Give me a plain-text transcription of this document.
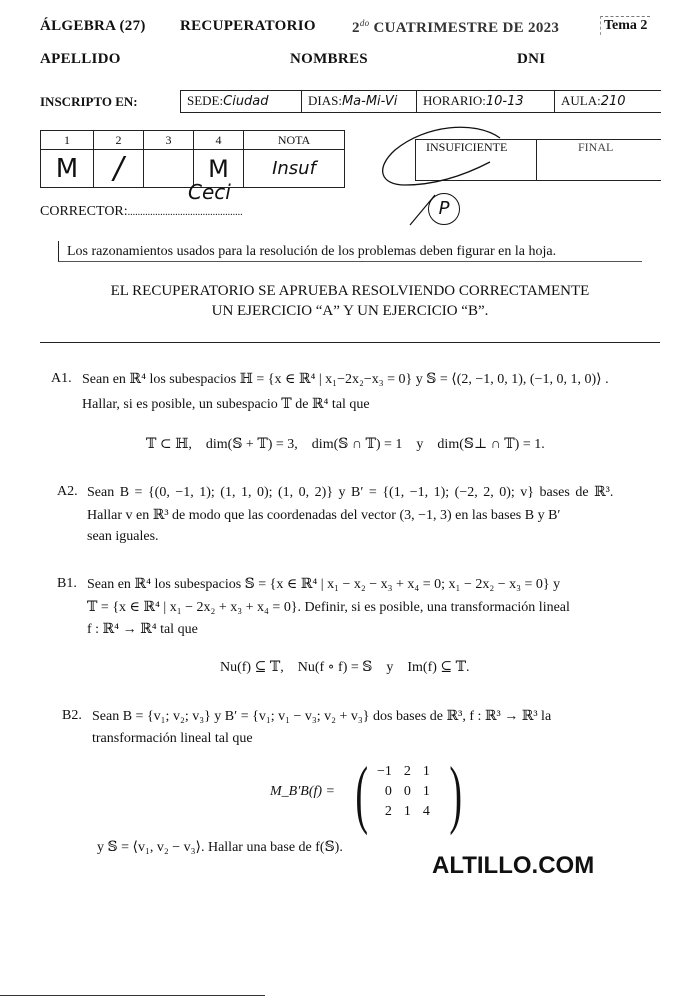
ÁLGEBRA (27) RECUPERATORIO $2^{do}$ CUATRIMESTRE DE 2023	Tema 2
APELLIDO	NOMBRES	DNI
INSCRIPTO EN:	SEDE:Ciudad	DIAS:Ma-Mi-Vi	HORARIO:10-13	AULA:210
1	2	3	4	NOTA
M	/		M	Insuf
INSUFICIENTE	FINAL
P
CORRECTOR:..............................................
Ceci
Los razonamientos usados para la resolución de los problemas deben figurar en la hoja.
EL RECUPERATORIO SE APRUEBA RESOLVIENDO CORRECTAMENTE
UN EJERCICIO “A” Y UN EJERCICIO “B”.
A1. Sean en ℝ⁴ los subespacios ℍ = {x ∈ ℝ⁴ | x₁−2x₂−x₃ = 0} y 𝕊 = ⟨(2, −1, 0, 1), (−1, 0, 1, 0)⟩ .
Hallar, si es posible, un subespacio 𝕋 de ℝ⁴ tal que
𝕋 ⊂ ℍ,    dim(𝕊 + 𝕋) = 3,    dim(𝕊 ∩ 𝕋) = 1    y    dim(𝕊⊥ ∩ 𝕋) = 1.
A2. Sean B = {(0, −1, 1); (1, 1, 0); (1, 0, 2)} y B′ = {(1, −1, 1); (−2, 2, 0); v} bases de ℝ³.
Hallar v en ℝ³ de modo que las coordenadas del vector (3, −1, 3) en las bases B y B′
sean iguales.
B1. Sean en ℝ⁴ los subespacios 𝕊 = {x ∈ ℝ⁴ | x₁ − x₂ − x₃ + x₄ = 0; x₁ − 2x₂ − x₃ = 0} y
𝕋 = {x ∈ ℝ⁴ | x₁ − 2x₂ + x₃ + x₄ = 0}. Definir, si es posible, una transformación lineal
f : ℝ⁴ → ℝ⁴ tal que
Nu(f) ⊆ 𝕋,    Nu(f ∘ f) = 𝕊    y    Im(f) ⊆ 𝕋.
B2. Sean B = {v₁; v₂; v₃} y B′ = {v₁; v₁ − v₃; v₂ + v₃} dos bases de ℝ³, f : ℝ³ → ℝ³ la
transformación lineal tal que
M_B′B(f) = ( −1	2	1
0	0	1
2	1	4 )
y 𝕊 = ⟨v₁, v₂ − v₃⟩. Hallar una base de f(𝕊).
ALTILLO.COM
